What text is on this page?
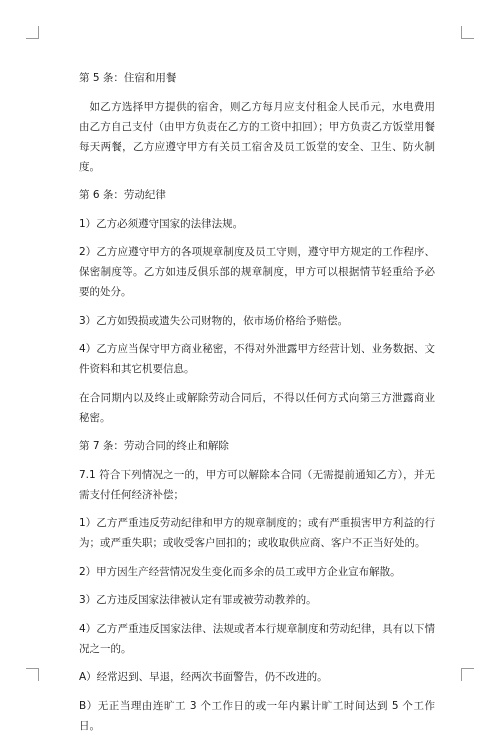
第 5 条：住宿和用餐

如乙方选择甲方提供的宿舍，则乙方每月应支付租金人民币元，水电费用由乙方自己支付（由甲方负责在乙方的工资中扣回）；甲方负责乙方饭堂用餐每天两餐，乙方应遵守甲方有关员工宿舍及员工饭堂的安全、卫生、防火制度。

第 6 条：劳动纪律

1）乙方必须遵守国家的法律法规。

2）乙方应遵守甲方的各项规章制度及员工守则，遵守甲方规定的工作程序、保密制度等。乙方如违反俱乐部的规章制度，甲方可以根据情节轻重给予必要的处分。

3）乙方如毁损或遗失公司财物的，依市场价格给予赔偿。

4）乙方应当保守甲方商业秘密，不得对外泄露甲方经营计划、业务数据、文件资料和其它机要信息。

在合同期内以及终止或解除劳动合同后，不得以任何方式向第三方泄露商业秘密。

第 7 条：劳动合同的终止和解除

7.1 符合下列情况之一的，甲方可以解除本合同（无需提前通知乙方），并无需支付任何经济补偿；

1）乙方严重违反劳动纪律和甲方的规章制度的；或有严重损害甲方利益的行为；或严重失职；或收受客户回扣的；或收取供应商、客户不正当好处的。

2）甲方因生产经营情况发生变化而多余的员工或甲方企业宣布解散。

3）乙方违反国家法律被认定有罪或被劳动教养的。

4）乙方严重违反国家法律、法规或者本行规章制度和劳动纪律，具有以下情况之一的。

A）经常迟到、早退，经两次书面警告，仍不改进的。

B）无正当理由连旷工 3 个工作日的或一年内累计旷工时间达到 5 个工作日。
